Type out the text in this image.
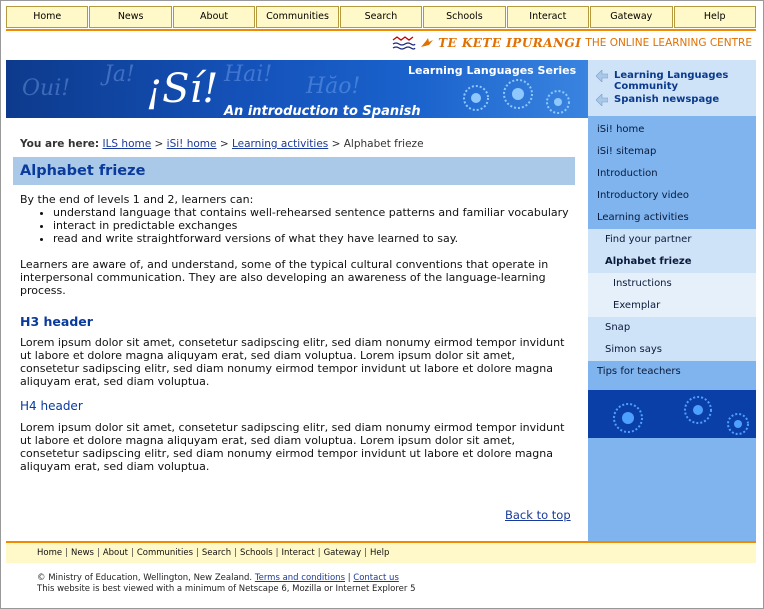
Home	News	About	Communities	Search	Schools	Interact	Gateway	Help
TE KETE IPURANGI THE ONLINE LEARNING CENTRE
Oui!
Ja!	Hai! Hăo!
¡Sí!	Learning Languages Series
An introduction to Spanish
Learning Languages Community
Spanish newspage
iSi! home
iSi! sitemap
Introduction
Introductory video
Learning activities
Find your partner
Alphabet frieze
Instructions
Exemplar
Snap
Simon says
Tips for teachers
You are here: ILS home > iSi! home > Learning activities > Alphabet frieze
Alphabet frieze

By the end of levels 1 and 2, learners can:

• understand language that contains well-rehearsed sentence patterns and familiar vocabulary
• interact in predictable exchanges
• read and write straightforward versions of what they have learned to say.

Learners are aware of, and understand, some of the typical cultural conventions that operate in interpersonal communication. They are also developing an awareness of the language-learning process.

H3 header

Lorem ipsum dolor sit amet, consetetur sadipscing elitr, sed diam nonumy eirmod tempor invidunt ut labore et dolore magna aliquyam erat, sed diam voluptua. Lorem ipsum dolor sit amet, consetetur sadipscing elitr, sed diam nonumy eirmod tempor invidunt ut labore et dolore magna aliquyam erat, sed diam voluptua.

H4 header

Lorem ipsum dolor sit amet, consetetur sadipscing elitr, sed diam nonumy eirmod tempor invidunt ut labore et dolore magna aliquyam erat, sed diam voluptua. Lorem ipsum dolor sit amet, consetetur sadipscing elitr, sed diam nonumy eirmod tempor invidunt ut labore et dolore magna aliquyam erat, sed diam voluptua.

Back to top
Home | News | About | Communities | Search | Schools | Interact | Gateway | Help
© Ministry of Education, Wellington, New Zealand. Terms and conditions | Contact us
This website is best viewed with a minimum of Netscape 6, Mozilla or Internet Explorer 5
